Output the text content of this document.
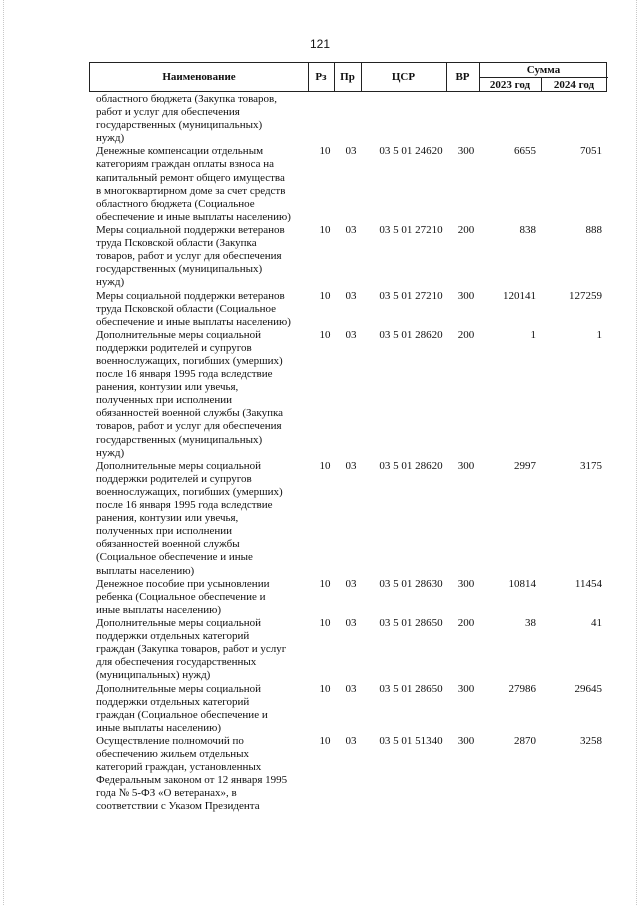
121
Наименование	Рз	Пр	ЦСР	ВР
Сумма
2023 год	2024 год
областного бюджета (Закупка товаров,
работ и услуг для обеспечения
государственных (муниципальных)
нужд)
Денежные компенсации отдельным
категориям граждан оплаты взноса на
капитальный ремонт общего имущества
в многоквартирном доме за счет средств
областного бюджета (Социальное
обеспечение и иные выплаты населению)
10	03	03 5 01 24620	300	6655	7051
Меры социальной поддержки ветеранов
труда Псковской области (Закупка
товаров, работ и услуг для обеспечения
государственных (муниципальных)
нужд)
10	03	03 5 01 27210	200	838	888
Меры социальной поддержки ветеранов
труда Псковской области (Социальное
обеспечение и иные выплаты населению)
10	03	03 5 01 27210	300	120141	127259
Дополнительные меры социальной
поддержки родителей и супругов
военнослужащих, погибших (умерших)
после 16 января 1995 года вследствие
ранения, контузии или увечья,
полученных при исполнении
обязанностей военной службы (Закупка
товаров, работ и услуг для обеспечения
государственных (муниципальных)
нужд)
10	03	03 5 01 28620	200	1	1
Дополнительные меры социальной
поддержки родителей и супругов
военнослужащих, погибших (умерших)
после 16 января 1995 года вследствие
ранения, контузии или увечья,
полученных при исполнении
обязанностей военной службы
(Социальное обеспечение и иные
выплаты населению)
10	03	03 5 01 28620	300	2997	3175
Денежное пособие при усыновлении
ребенка (Социальное обеспечение и
иные выплаты населению)
10	03	03 5 01 28630	300	10814	11454
Дополнительные меры социальной
поддержки отдельных категорий
граждан (Закупка товаров, работ и услуг
для обеспечения государственных
(муниципальных) нужд)
10	03	03 5 01 28650	200	38	41
Дополнительные меры социальной
поддержки отдельных категорий
граждан (Социальное обеспечение и
иные выплаты населению)
10	03	03 5 01 28650	300	27986	29645
Осуществление полномочий по
обеспечению жильем отдельных
категорий граждан, установленных
Федеральным законом от 12 января 1995
года № 5-ФЗ «О ветеранах», в
соответствии с Указом Президента
10	03	03 5 01 51340	300	2870	3258
